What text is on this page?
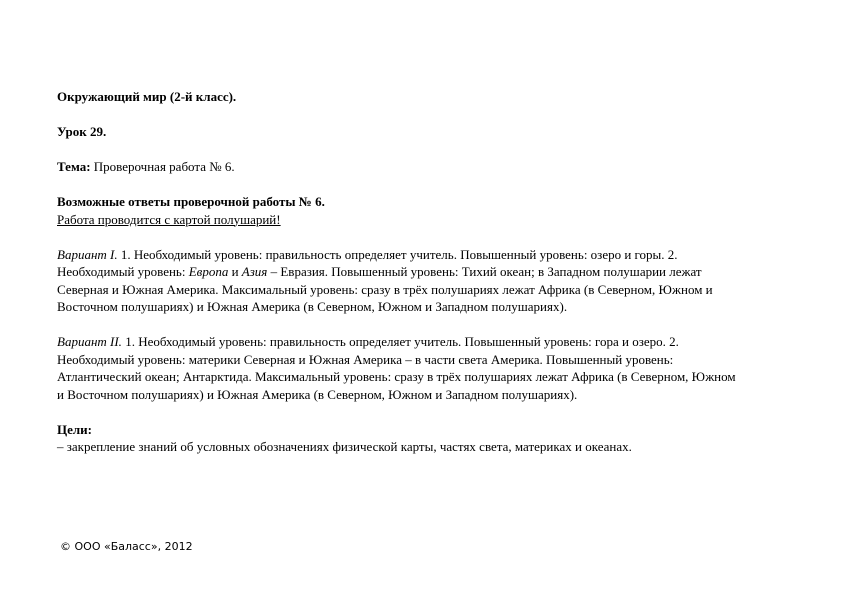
Окружающий мир (2-й класс).

Урок 29.

Тема: Проверочная работа № 6.

Возможные ответы проверочной работы № 6.

Работа проводится с картой полушарий!

Вариант I. 1. Необходимый уровень: правильность определяет учитель. Повышенный уровень: озеро и горы. 2.

Необходимый уровень: Европа и Азия – Евразия. Повышенный уровень: Тихий океан; в Западном полушарии лежат

Северная и Южная Америка. Максимальный уровень: сразу в трёх полушариях лежат Африка (в Северном, Южном и

Восточном полушариях) и Южная Америка (в Северном, Южном и Западном полушариях).

Вариант II. 1. Необходимый уровень: правильность определяет учитель. Повышенный уровень: гора и озеро. 2.

Необходимый уровень: материки Северная и Южная Америка – в части света Америка. Повышенный уровень:

Атлантический океан; Антарктида. Максимальный уровень: сразу в трёх полушариях лежат Африка (в Северном, Южном

и Восточном полушариях) и Южная Америка (в Северном, Южном и Западном полушариях).

Цели:

– закрепление знаний об условных обозначениях физической карты, частях света, материках и океанах.

© ООО «Баласс», 2012
